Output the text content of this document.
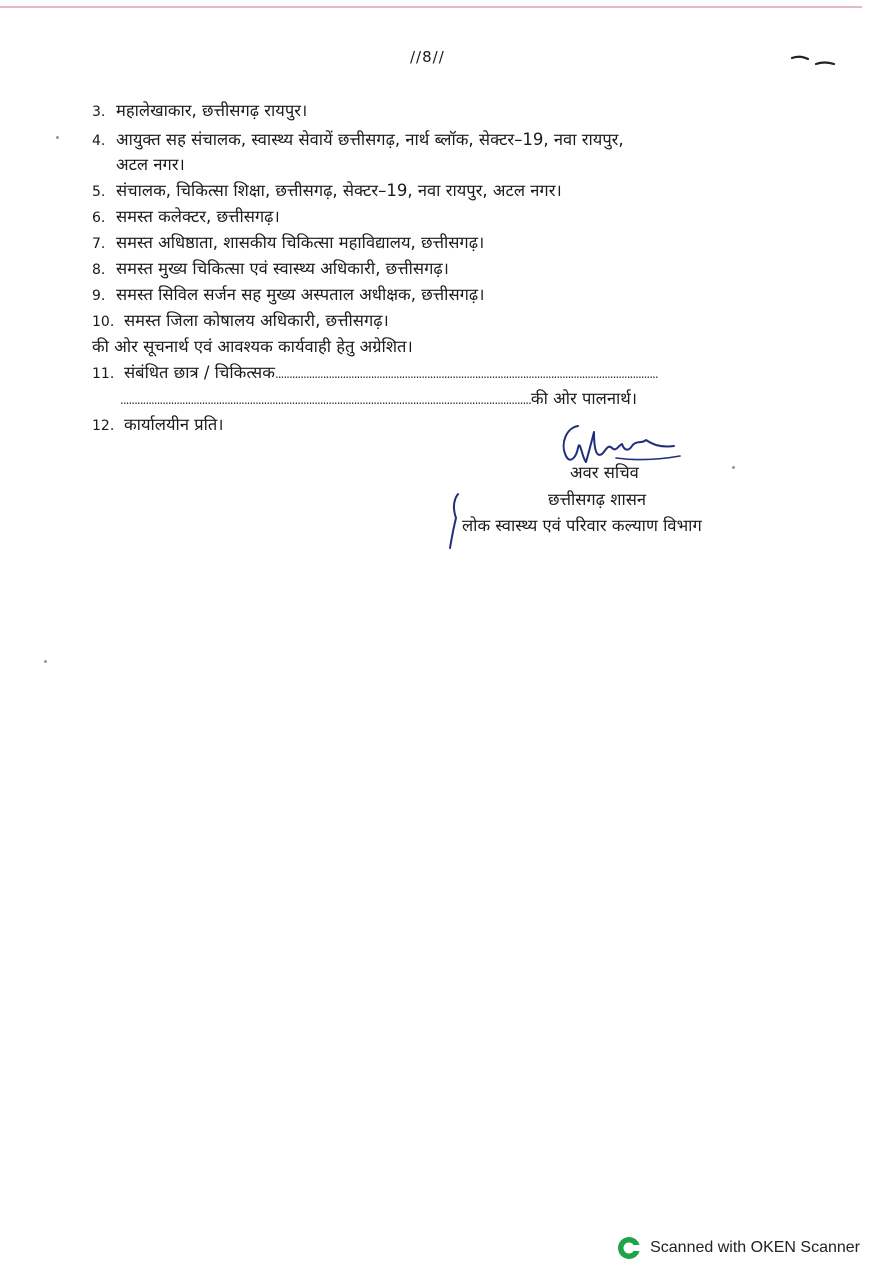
//8//
3. महालेखाकार, छत्तीसगढ़ रायपुर।
4. आयुक्त सह संचालक, स्वास्थ्य सेवायें छत्तीसगढ़, नार्थ ब्लॉक, सेक्टर–19, नवा रायपुर,
अटल नगर।
5. संचालक, चिकित्सा शिक्षा, छत्तीसगढ़, सेक्टर–19, नवा रायपुर, अटल नगर।
6. समस्त कलेक्टर, छत्तीसगढ़।
7. समस्त अधिष्ठाता, शासकीय चिकित्सा महाविद्यालय, छत्तीसगढ़।
8. समस्त मुख्य चिकित्सा एवं स्वास्थ्य अधिकारी, छत्तीसगढ़।
9. समस्त सिविल सर्जन सह मुख्य अस्पताल अधीक्षक, छत्तीसगढ़।
10. समस्त जिला कोषालय अधिकारी, छत्तीसगढ़।
की ओर सूचनार्थ एवं आवश्यक कार्यवाही हेतु अग्रेशित।
11. संबंधित छात्र / चिकित्सक........................................................................................................................................
..................................................................................................................................................की ओर पालनार्थ।
12. कार्यालयीन प्रति।
अवर सचिव
छत्तीसगढ़ शासन
लोक स्वास्थ्य एवं परिवार कल्याण विभाग
Scanned with OKEN Scanner
